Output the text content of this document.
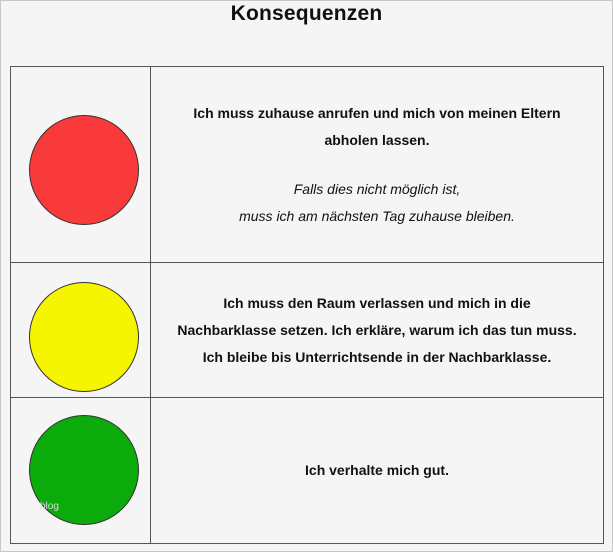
Konsequenzen
Ich muss zuhause anrufen und mich von meinen Eltern
abholen lassen.
Falls dies nicht möglich ist,
muss ich am nächsten Tag zuhause bleiben.
Ich muss den Raum verlassen und mich in die
Nachbarklasse setzen. Ich erkläre, warum ich das tun muss.
Ich bleibe bis Unterrichtsende in der Nachbarklasse.
Ich verhalte mich gut.
blog
